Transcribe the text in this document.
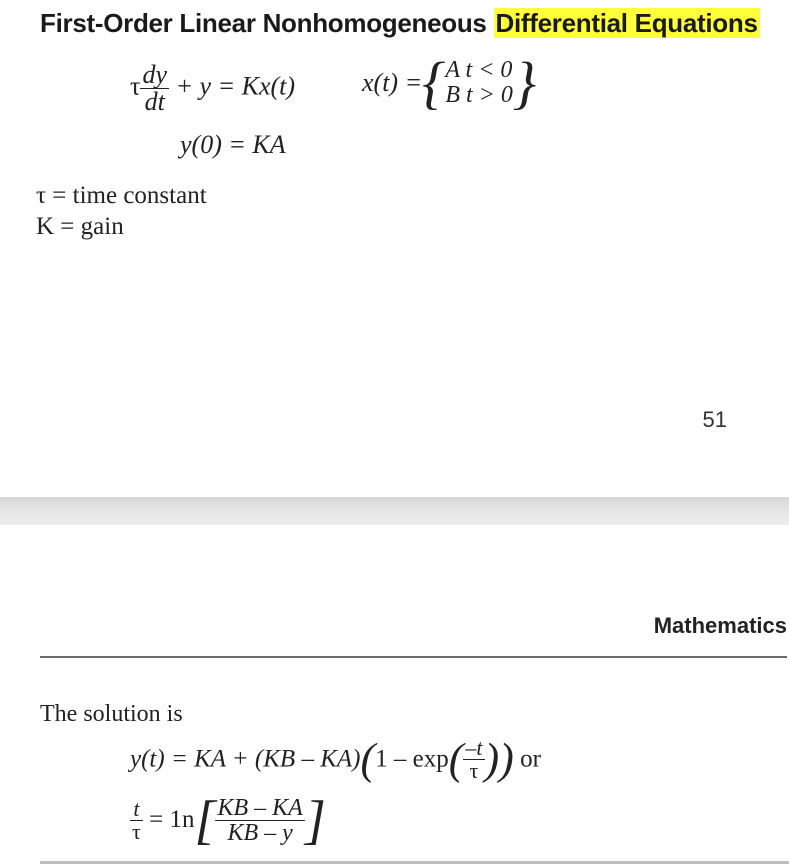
First-Order Linear Nonhomogeneous Differential Equations
τ $\frac{dy}{dt} + y = Kx(t)$	x(t) ={ A t < 0
B t > 0 }
y(0) = KA
τ = time constant
K = gain
51
Mathematics
The solution is
y(t) = KA + $(KB - KA)(1 - \exp( \frac{-t}{\tau}$ )) or
$\frac{t}{\tau} = 1n[ \frac{KB - KA}{KB - y}$ ]
